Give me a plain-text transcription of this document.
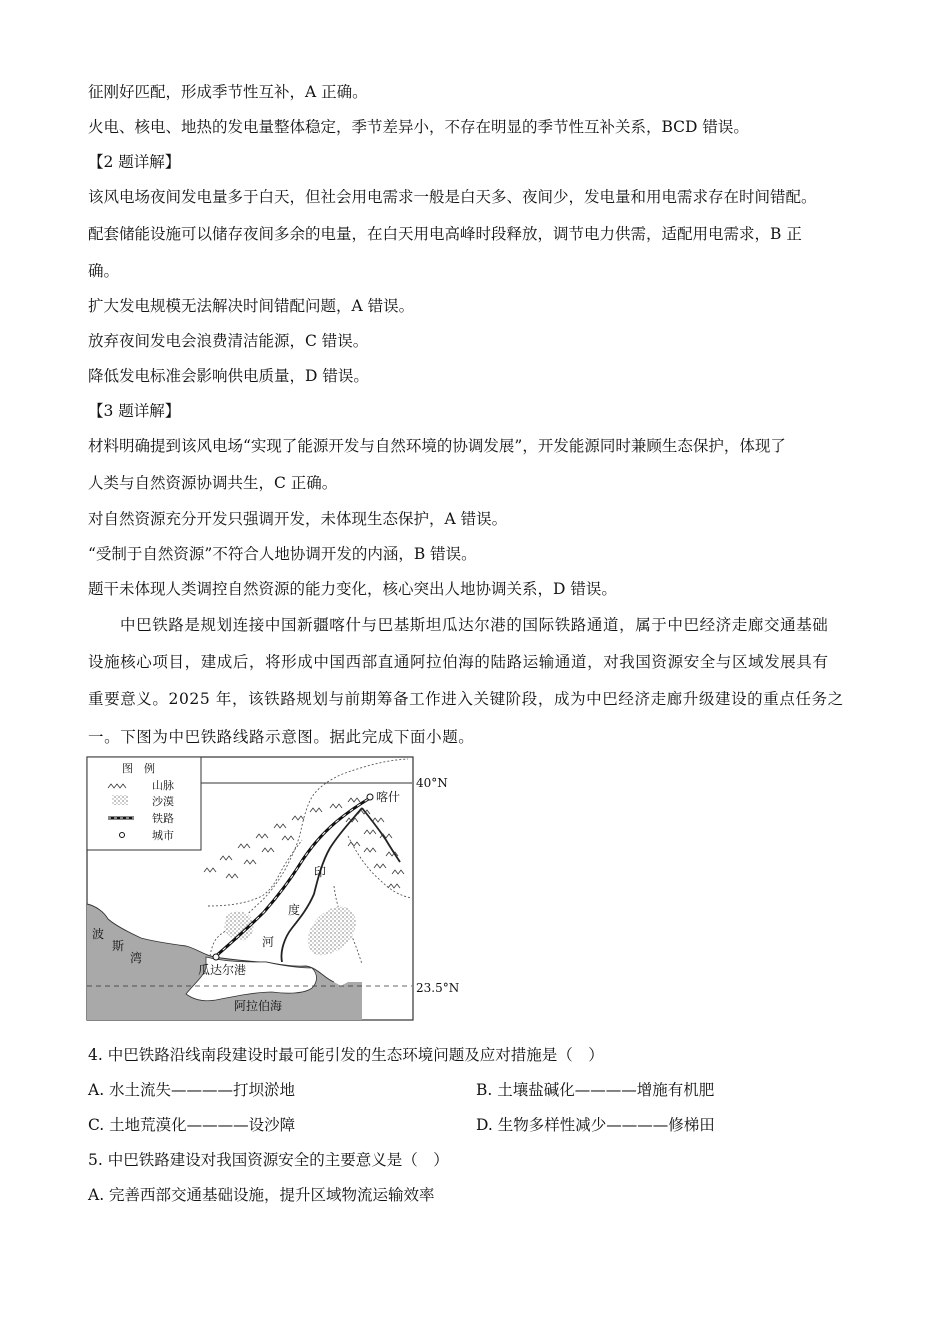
征刚好匹配，形成季节性互补，A 正确。
火电、核电、地热的发电量整体稳定，季节差异小，不存在明显的季节性互补关系，BCD 错误。
【2 题详解】
该风电场夜间发电量多于白天，但社会用电需求一般是白天多、夜间少，发电量和用电需求存在时间错配。
配套储能设施可以储存夜间多余的电量，在白天用电高峰时段释放，调节电力供需，适配用电需求，B 正
确。
扩大发电规模无法解决时间错配问题，A 错误。
放弃夜间发电会浪费清洁能源，C 错误。
降低发电标准会影响供电质量，D 错误。
【3 题详解】
材料明确提到该风电场“实现了能源开发与自然环境的协调发展”，开发能源同时兼顾生态保护，体现了
人类与自然资源协调共生，C 正确。
对自然资源充分开发只强调开发，未体现生态保护，A 错误。
“受制于自然资源”不符合人地协调开发的内涵，B 错误。
题干未体现人类调控自然资源的能力变化，核心突出人地协调关系，D 错误。
中巴铁路是规划连接中国新疆喀什与巴基斯坦瓜达尔港的国际铁路通道，属于中巴经济走廊交通基础
设施核心项目，建成后，将形成中国西部直通阿拉伯海的陆路运输通道，对我国资源安全与区域发展具有
重要意义。2025 年，该铁路规划与前期筹备工作进入关键阶段，成为中巴经济走廊升级建设的重点任务之
一。下图为中巴铁路线路示意图。据此完成下面小题。
40°N
23.5°N
喀什
瓜达尔港
阿拉伯海
波
斯
湾
印
度
河
图　例
山脉
沙漠
铁路
城市
4. 中巴铁路沿线南段建设时最可能引发的生态环境问题及应对措施是（　）
A. 水土流失————打坝淤地	B. 土壤盐碱化————增施有机肥
C. 土地荒漠化————设沙障	D. 生物多样性减少————修梯田
5. 中巴铁路建设对我国资源安全的主要意义是（　）
A. 完善西部交通基础设施，提升区域物流运输效率
